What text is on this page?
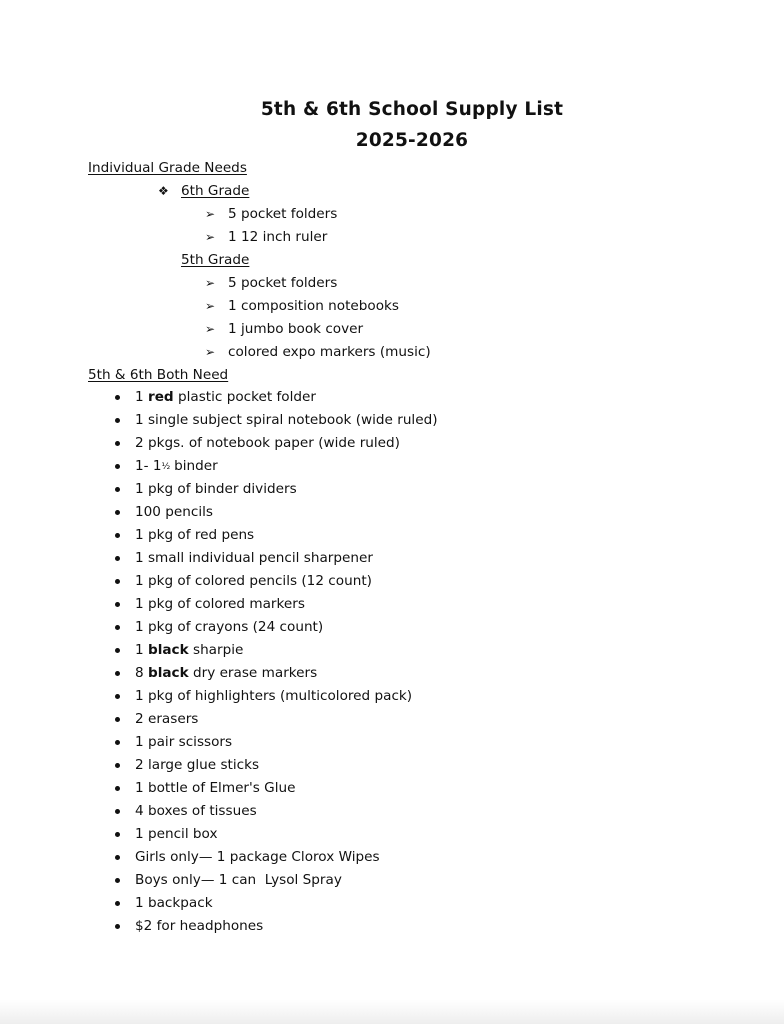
5th & 6th School Supply List
2025-2026
Individual Grade Needs
❖ 6th Grade
➢ 5 pocket folders
➢ 1 12 inch ruler
5th Grade
➢ 5 pocket folders
➢ 1 composition notebooks
➢ 1 jumbo book cover
➢ colored expo markers (music)
5th & 6th Both Need
1 red plastic pocket folder
1 single subject spiral notebook (wide ruled)
2 pkgs. of notebook paper (wide ruled)
1- 1½ binder
1 pkg of binder dividers
100 pencils
1 pkg of red pens
1 small individual pencil sharpener
1 pkg of colored pencils (12 count)
1 pkg of colored markers
1 pkg of crayons (24 count)
1 black sharpie
8 black dry erase markers
1 pkg of highlighters (multicolored pack)
2 erasers
1 pair scissors
2 large glue sticks
1 bottle of Elmer's Glue
4 boxes of tissues
1 pencil box
Girls only— 1 package Clorox Wipes
Boys only— 1 can  Lysol Spray
1 backpack
$2 for headphones
